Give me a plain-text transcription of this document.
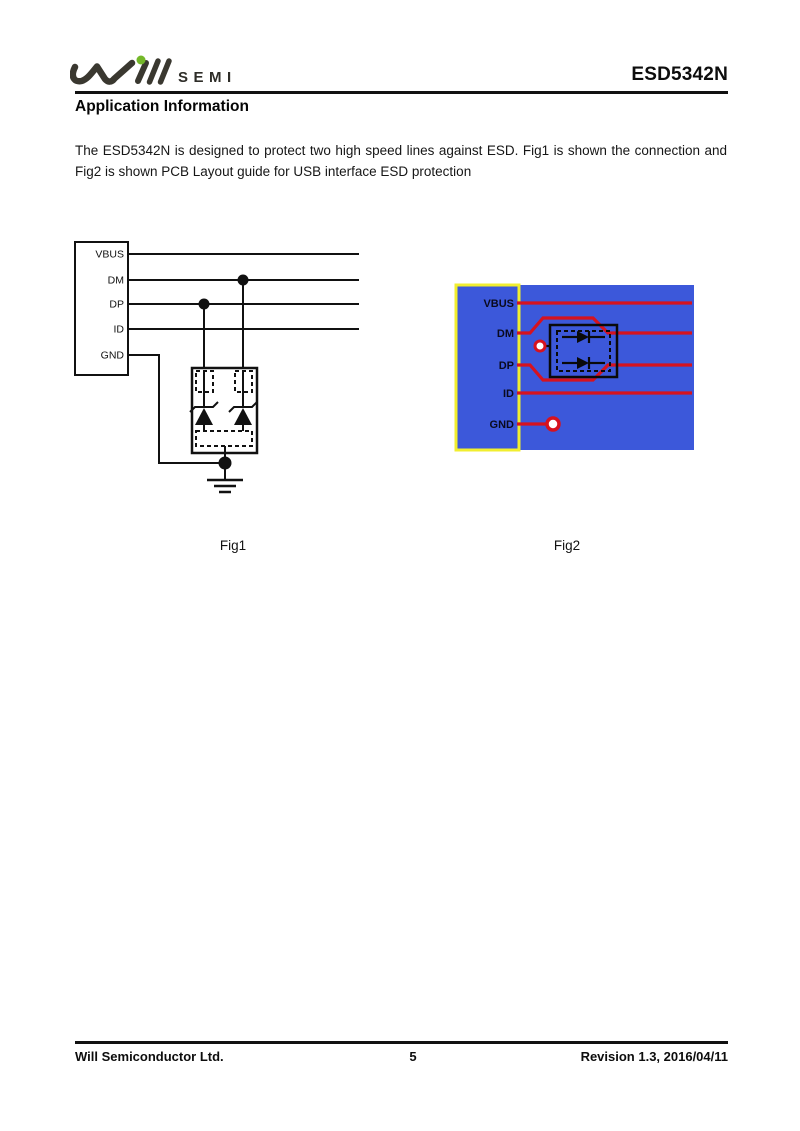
SEMI	ESD5342N
Application Information
The ESD5342N is designed to protect two high speed lines against ESD. Fig1 is shown the connection and
Fig2 is shown PCB Layout guide for USB interface ESD protection
VBUS
DM
DP
ID
GND
VBUS
DM
DP
ID
GND
Fig1	Fig2
Will Semiconductor Ltd.	5	Revision 1.3, 2016/04/11
